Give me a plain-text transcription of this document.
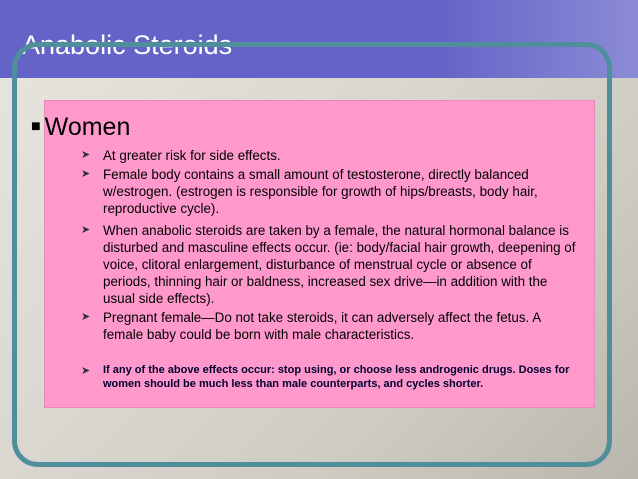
Anabolic Steroids
■ Women
➤ At greater risk for side effects.
➤ Female body contains a small amount of testosterone, directly balanced w/estrogen. (estrogen is responsible for growth of hips/breasts, body hair, reproductive cycle).
➤ When anabolic steroids are taken by a female, the natural hormonal balance is disturbed and masculine effects occur. (ie: body/facial hair growth, deepening of voice, clitoral enlargement, disturbance of menstrual cycle or absence of periods, thinning hair or baldness, increased sex drive—in addition with the usual side effects).
➤ Pregnant female—Do not take steroids, it can adversely affect the fetus. A female baby could be born with male characteristics.
➤ If any of the above effects occur: stop using, or choose less androgenic drugs. Doses for women should be much less than male counterparts, and cycles shorter.
